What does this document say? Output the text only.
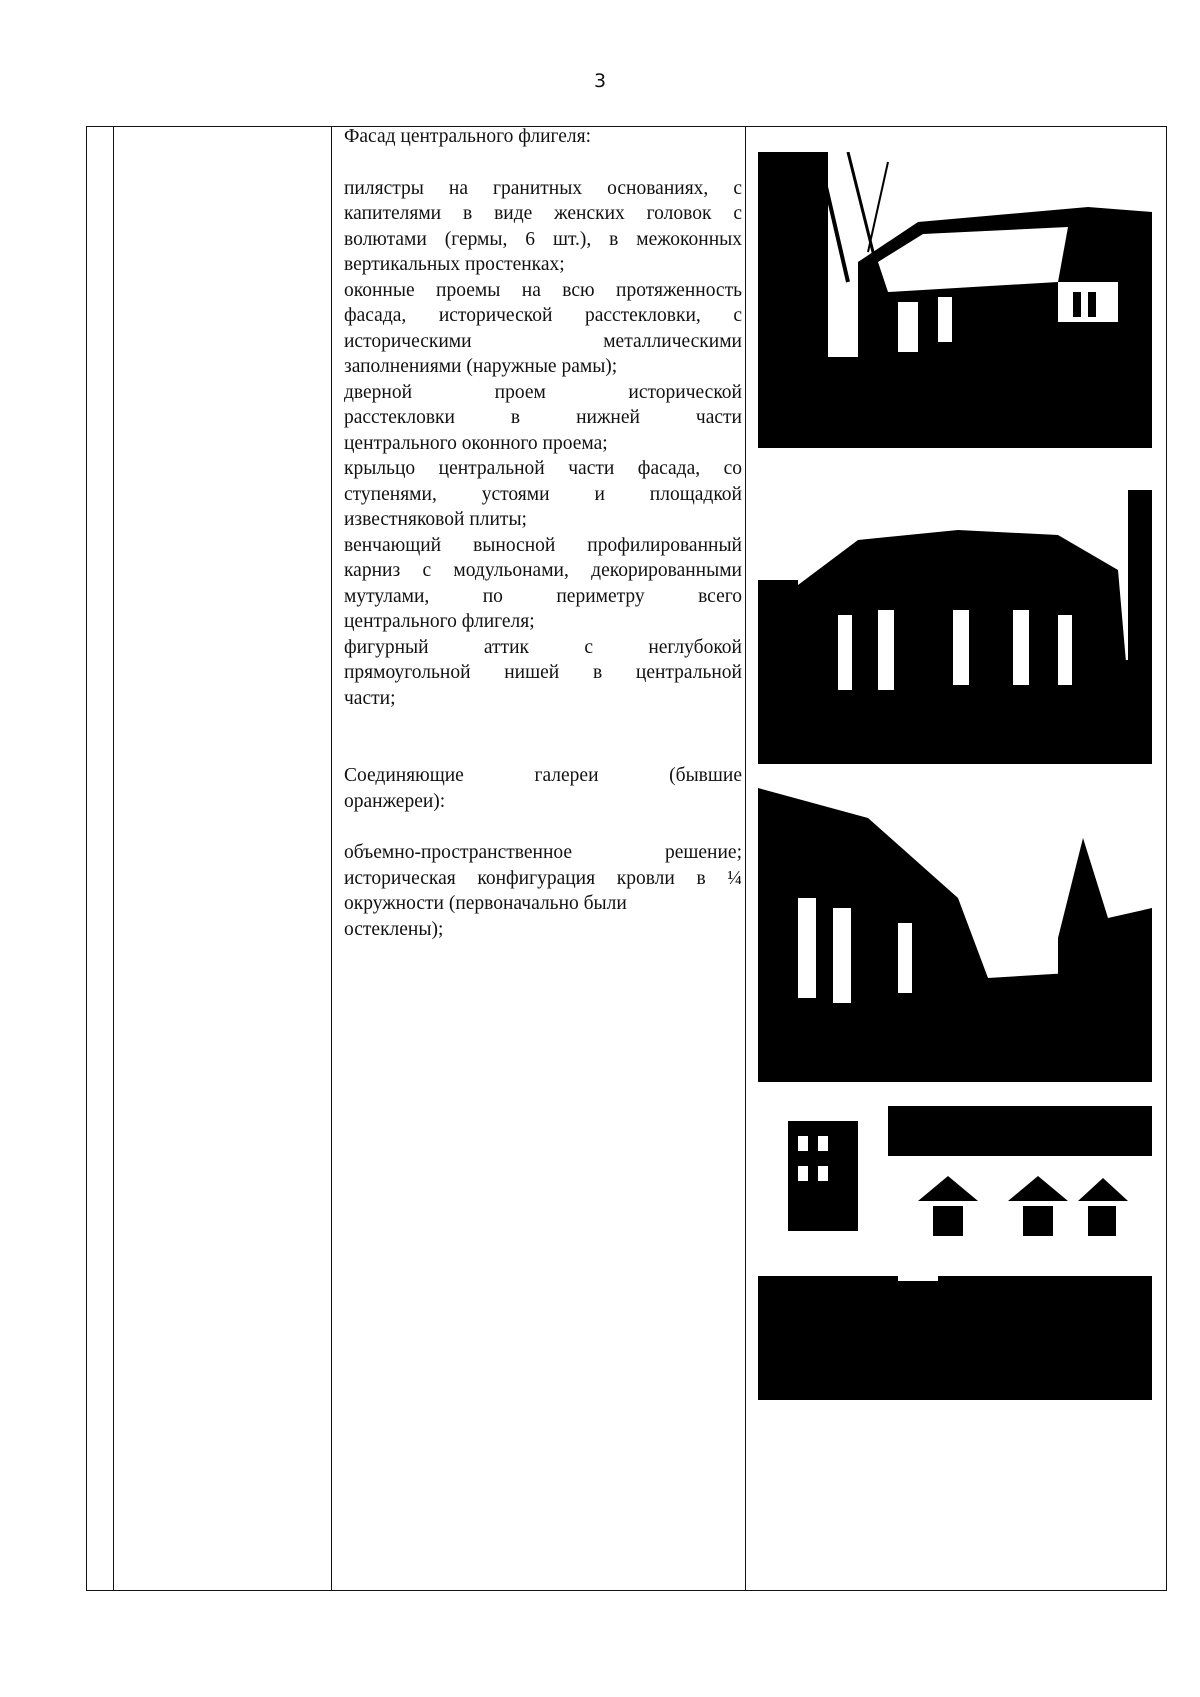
3

Фасад центрального флигеля:

пилястры на гранитных основаниях, с

капителями в виде женских головок с

волютами (гермы, 6 шт.), в межоконных

вертикальных простенках;

оконные проемы на всю протяженность

фасада, исторической расстекловки, с

историческими металлическими

заполнениями (наружные рамы);

дверной проем исторической

расстекловки в нижней части

центрального оконного проема;

крыльцо центральной части фасада, со

ступенями, устоями и площадкой

известняковой плиты;

венчающий выносной профилированный

карниз с модульонами, декорированными

мутулами, по периметру всего

центрального флигеля;

фигурный аттик с неглубокой

прямоугольной нишей в центральной

части;

Соединяющие галереи (бывшие

оранжереи):

объемно-пространственное решение;

историческая конфигурация кровли в ¼

окружности (первоначально были

остеклены);
